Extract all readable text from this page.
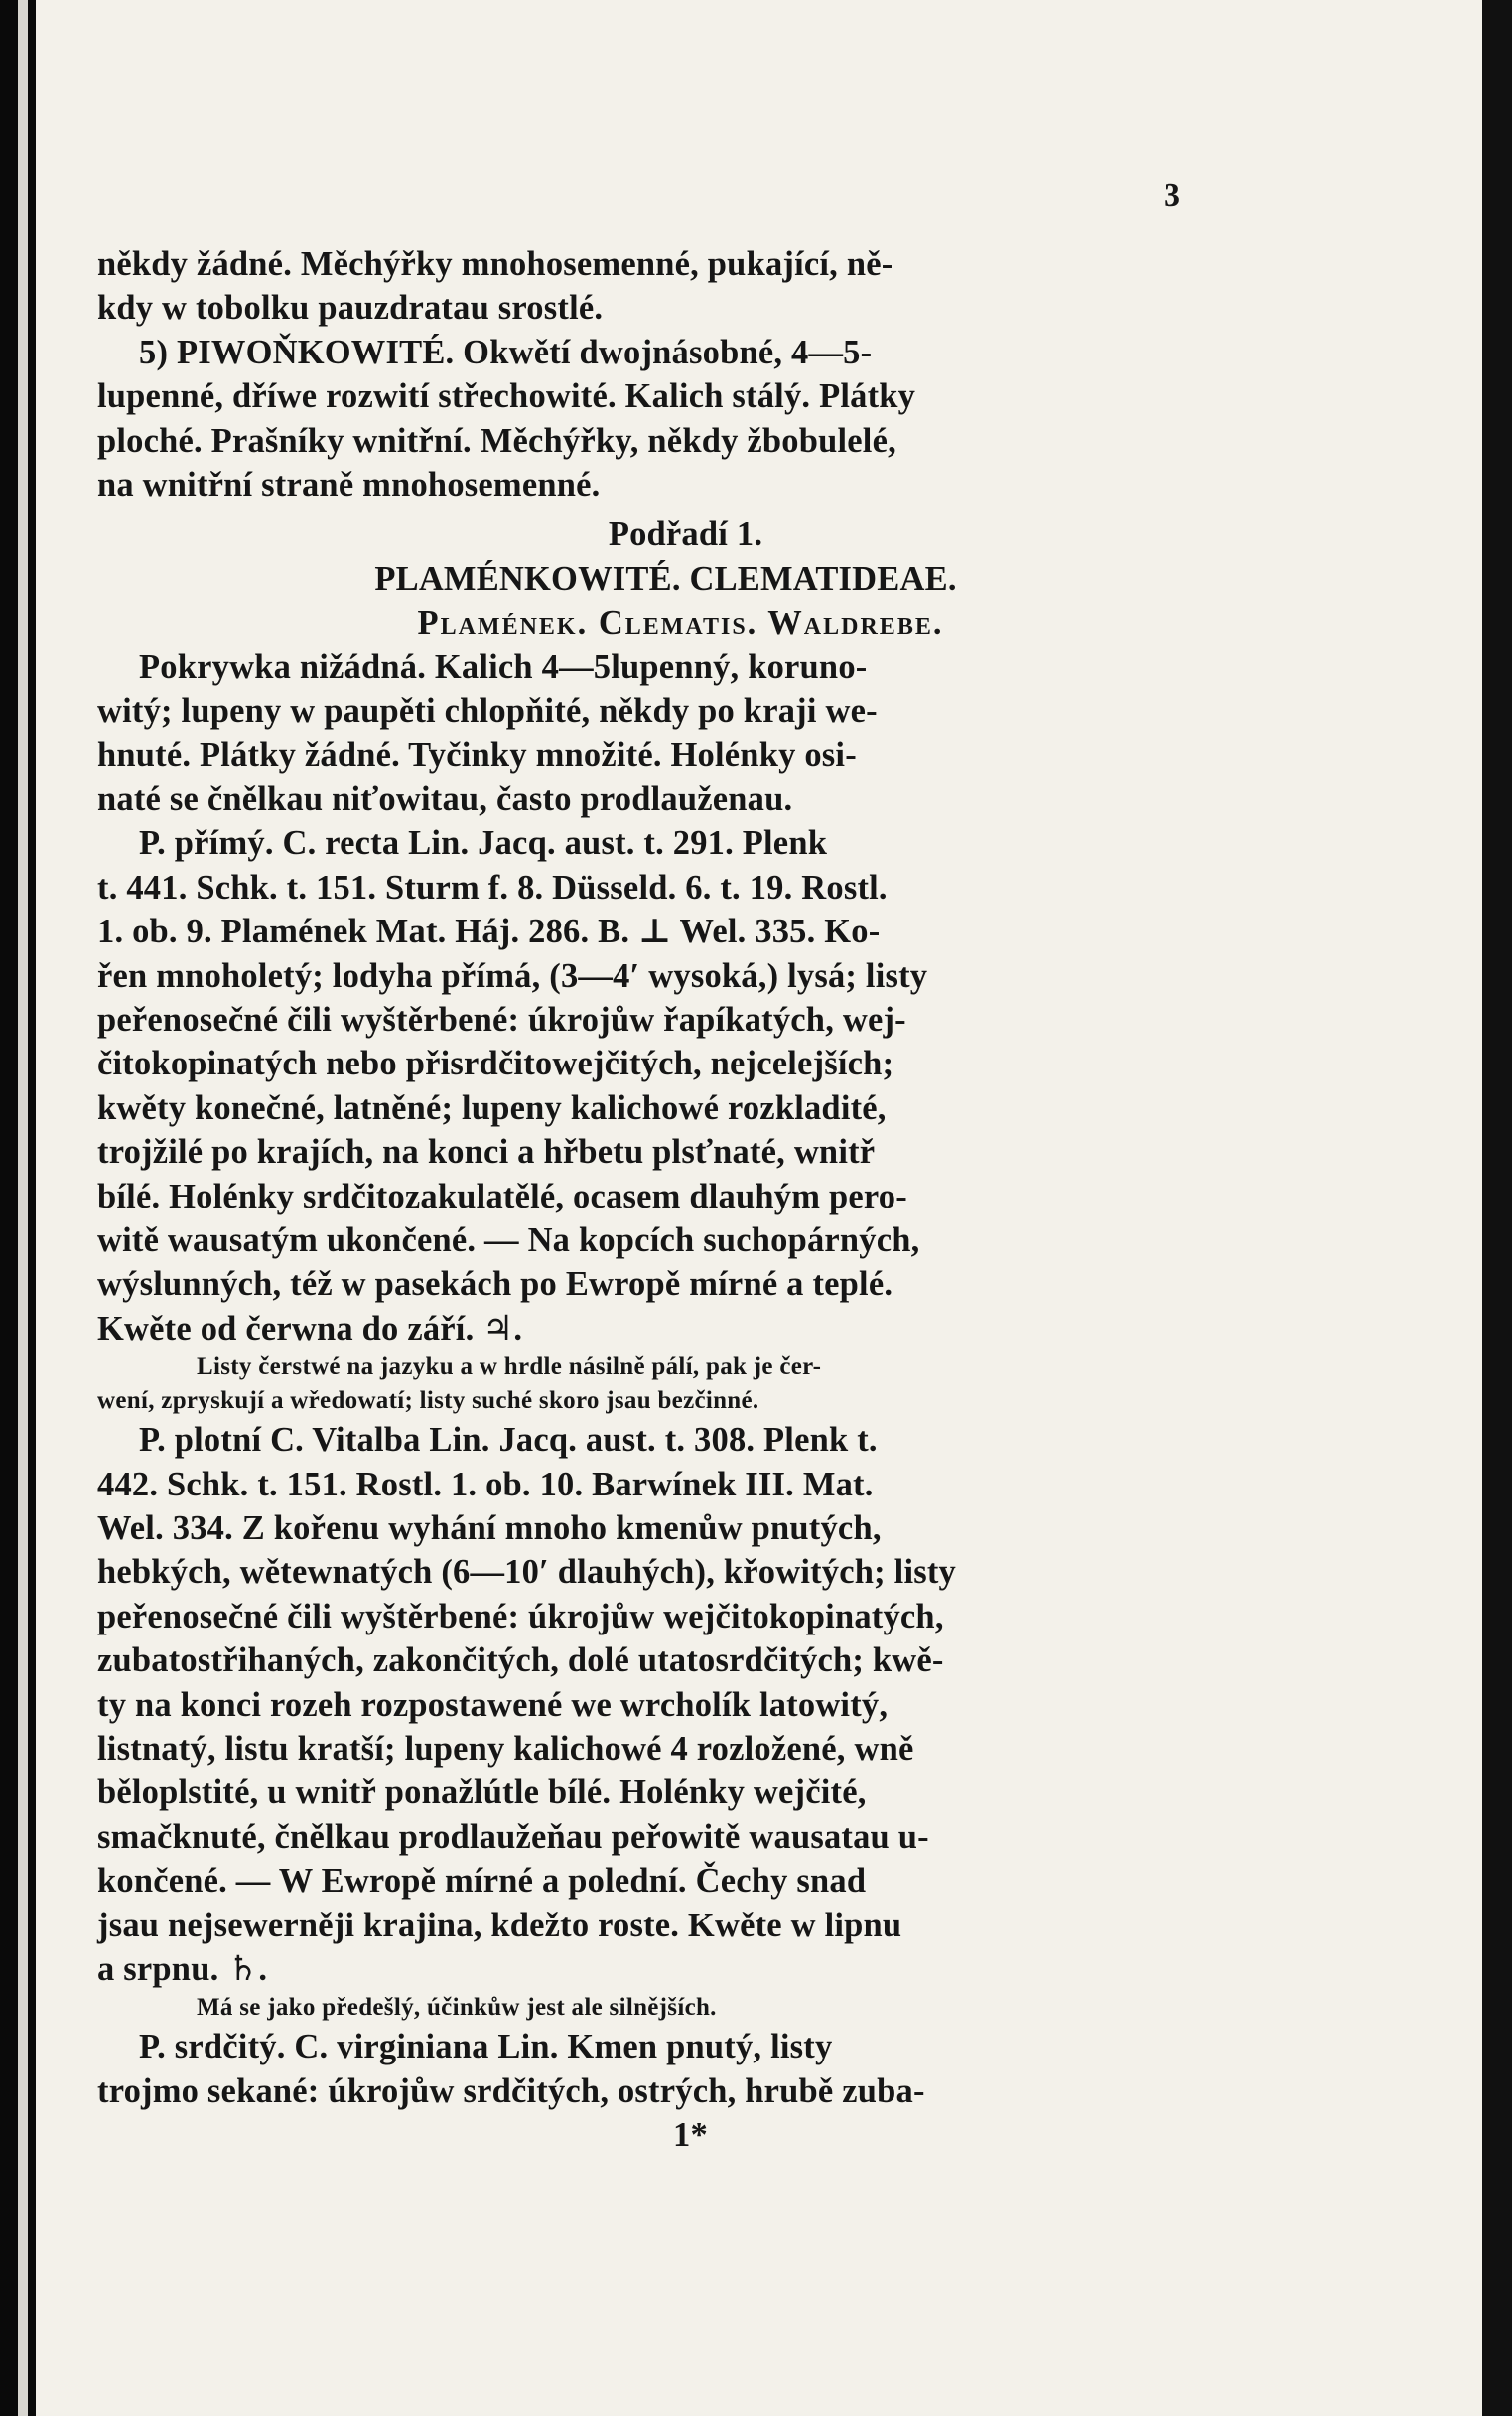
3

někdy žádné. Měchýřky mnohosemenné, pukající, ně-

kdy w tobolku pauzdratau srostlé.

5) PIWOŇKOWITÉ. Okwětí dwojnásobné, 4—5-

lupenné, dříwe rozwití střechowité. Kalich stálý. Plátky

ploché. Prašníky wnitřní. Měchýřky, někdy žbobulelé,

na wnitřní straně mnohosemenné.

Podřadí 1.

PLAMÉNKOWITÉ. CLEMATIDEAE.

Plamének. Clematis. Waldrebe.

Pokrywka nižádná. Kalich 4—5lupenný, koruno-

witý; lupeny w paupěti chlopňité, někdy po kraji we-

hnuté. Plátky žádné. Tyčinky množité. Holénky osi-

naté se čnělkau niťowitau, často prodlauženau.

P. přímý. C. recta Lin. Jacq. aust. t. 291. Plenk

t. 441. Schk. t. 151. Sturm f. 8. Düsseld. 6. t. 19. Rostl.

1. ob. 9. Plamének Mat. Háj. 286. B. ⊥ Wel. 335. Ko-

řen mnoholetý; lodyha přímá, (3—4′ wysoká,) lysá; listy

peřenosečné čili wyštěrbené: úkrojůw řapíkatých, wej-

čitokopinatých nebo přisrdčitowejčitých, nejcelejších;

kwěty konečné, latněné; lupeny kalichowé rozkladité,

trojžilé po krajích, na konci a hřbetu plsťnaté, wnitř

bílé. Holénky srdčitozakulatělé, ocasem dlauhým pero-

witě wausatým ukončené. — Na kopcích suchopárných,

wýslunných, též w pasekách po Ewropě mírné a teplé.

Kwěte od čerwna do září. ♃.

Listy čerstwé na jazyku a w hrdle násilně pálí, pak je čer-

wení, zpryskují a wředowatí; listy suché skoro jsau bezčinné.

P. plotní C. Vitalba Lin. Jacq. aust. t. 308. Plenk t.

442. Schk. t. 151. Rostl. 1. ob. 10. Barwínek III. Mat.

Wel. 334. Z kořenu wyhání mnoho kmenůw pnutých,

hebkých, wětewnatých (6—10′ dlauhých), křowitých; listy

peřenosečné čili wyštěrbené: úkrojůw wejčitokopinatých,

zubatostřihaných, zakončitých, dolé utatosrdčitých; kwě-

ty na konci rozeh rozpostawené we wrcholík latowitý,

listnatý, listu kratší; lupeny kalichowé 4 rozložené, wně

běloplstité, u wnitř ponažlútle bílé. Holénky wejčité,

smačknuté, čnělkau prodlaužeňau peřowitě wausatau u-

končené. — W Ewropě mírné a polední. Čechy snad

jsau nejsewerněji krajina, kdežto roste. Kwěte w lipnu

a srpnu. ♄.

Má se jako předešlý, účinkůw jest ale silnějších.

P. srdčitý. C. virginiana Lin. Kmen pnutý, listy

trojmo sekané: úkrojůw srdčitých, ostrých, hrubě zuba-

1*
